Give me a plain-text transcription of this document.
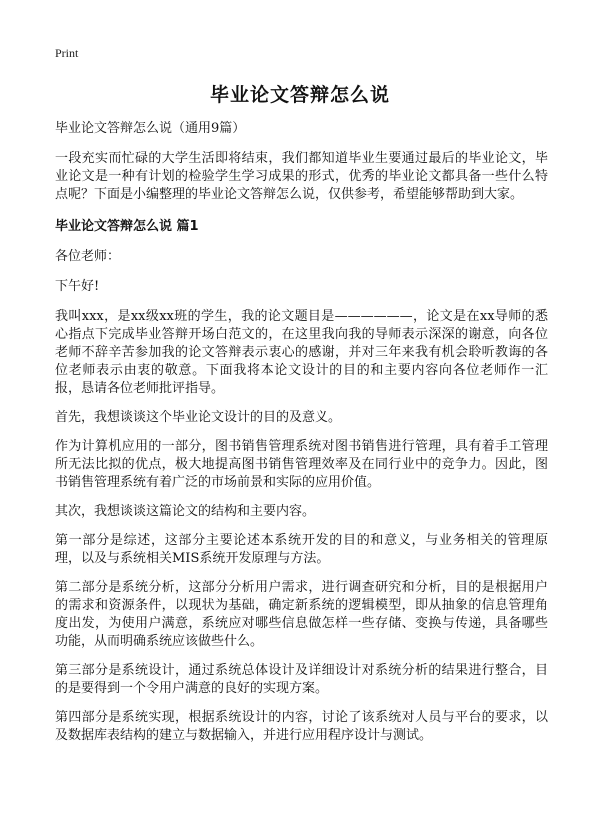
Print
毕业论文答辩怎么说

毕业论文答辩怎么说（通用9篇）

一段充实而忙碌的大学生活即将结束，我们都知道毕业生要通过最后的毕业论文，毕业论文是一种有计划的检验学生学习成果的形式，优秀的毕业论文都具备一些什么特点呢？下面是小编整理的毕业论文答辩怎么说，仅供参考，希望能够帮助到大家。

毕业论文答辩怎么说 篇1

各位老师：

下午好!

我叫xxx，是xx级xx班的学生，我的论文题目是——————，论文是在xx导师的悉心指点下完成毕业答辩开场白范文的，在这里我向我的导师表示深深的谢意，向各位老师不辞辛苦参加我的论文答辩表示衷心的感谢，并对三年来我有机会聆听教诲的各位老师表示由衷的敬意。下面我将本论文设计的目的和主要内容向各位老师作一汇报，恳请各位老师批评指导。

首先，我想谈谈这个毕业论文设计的目的及意义。

作为计算机应用的一部分，图书销售管理系统对图书销售进行管理，具有着手工管理所无法比拟的优点，极大地提高图书销售管理效率及在同行业中的竞争力。因此，图书销售管理系统有着广泛的市场前景和实际的应用价值。

其次，我想谈谈这篇论文的结构和主要内容。

第一部分是综述，这部分主要论述本系统开发的目的和意义，与业务相关的管理原理，以及与系统相关MIS系统开发原理与方法。

第二部分是系统分析，这部分分析用户需求，进行调查研究和分析，目的是根据用户的需求和资源条件，以现状为基础，确定新系统的逻辑模型，即从抽象的信息管理角度出发，为使用户满意，系统应对哪些信息做怎样一些存储、变换与传递，具备哪些功能，从而明确系统应该做些什么。

第三部分是系统设计，通过系统总体设计及详细设计对系统分析的结果进行整合，目的是要得到一个令用户满意的良好的实现方案。

第四部分是系统实现，根据系统设计的内容，讨论了该系统对人员与平台的要求，以及数据库表结构的建立与数据输入，并进行应用程序设计与测试。
